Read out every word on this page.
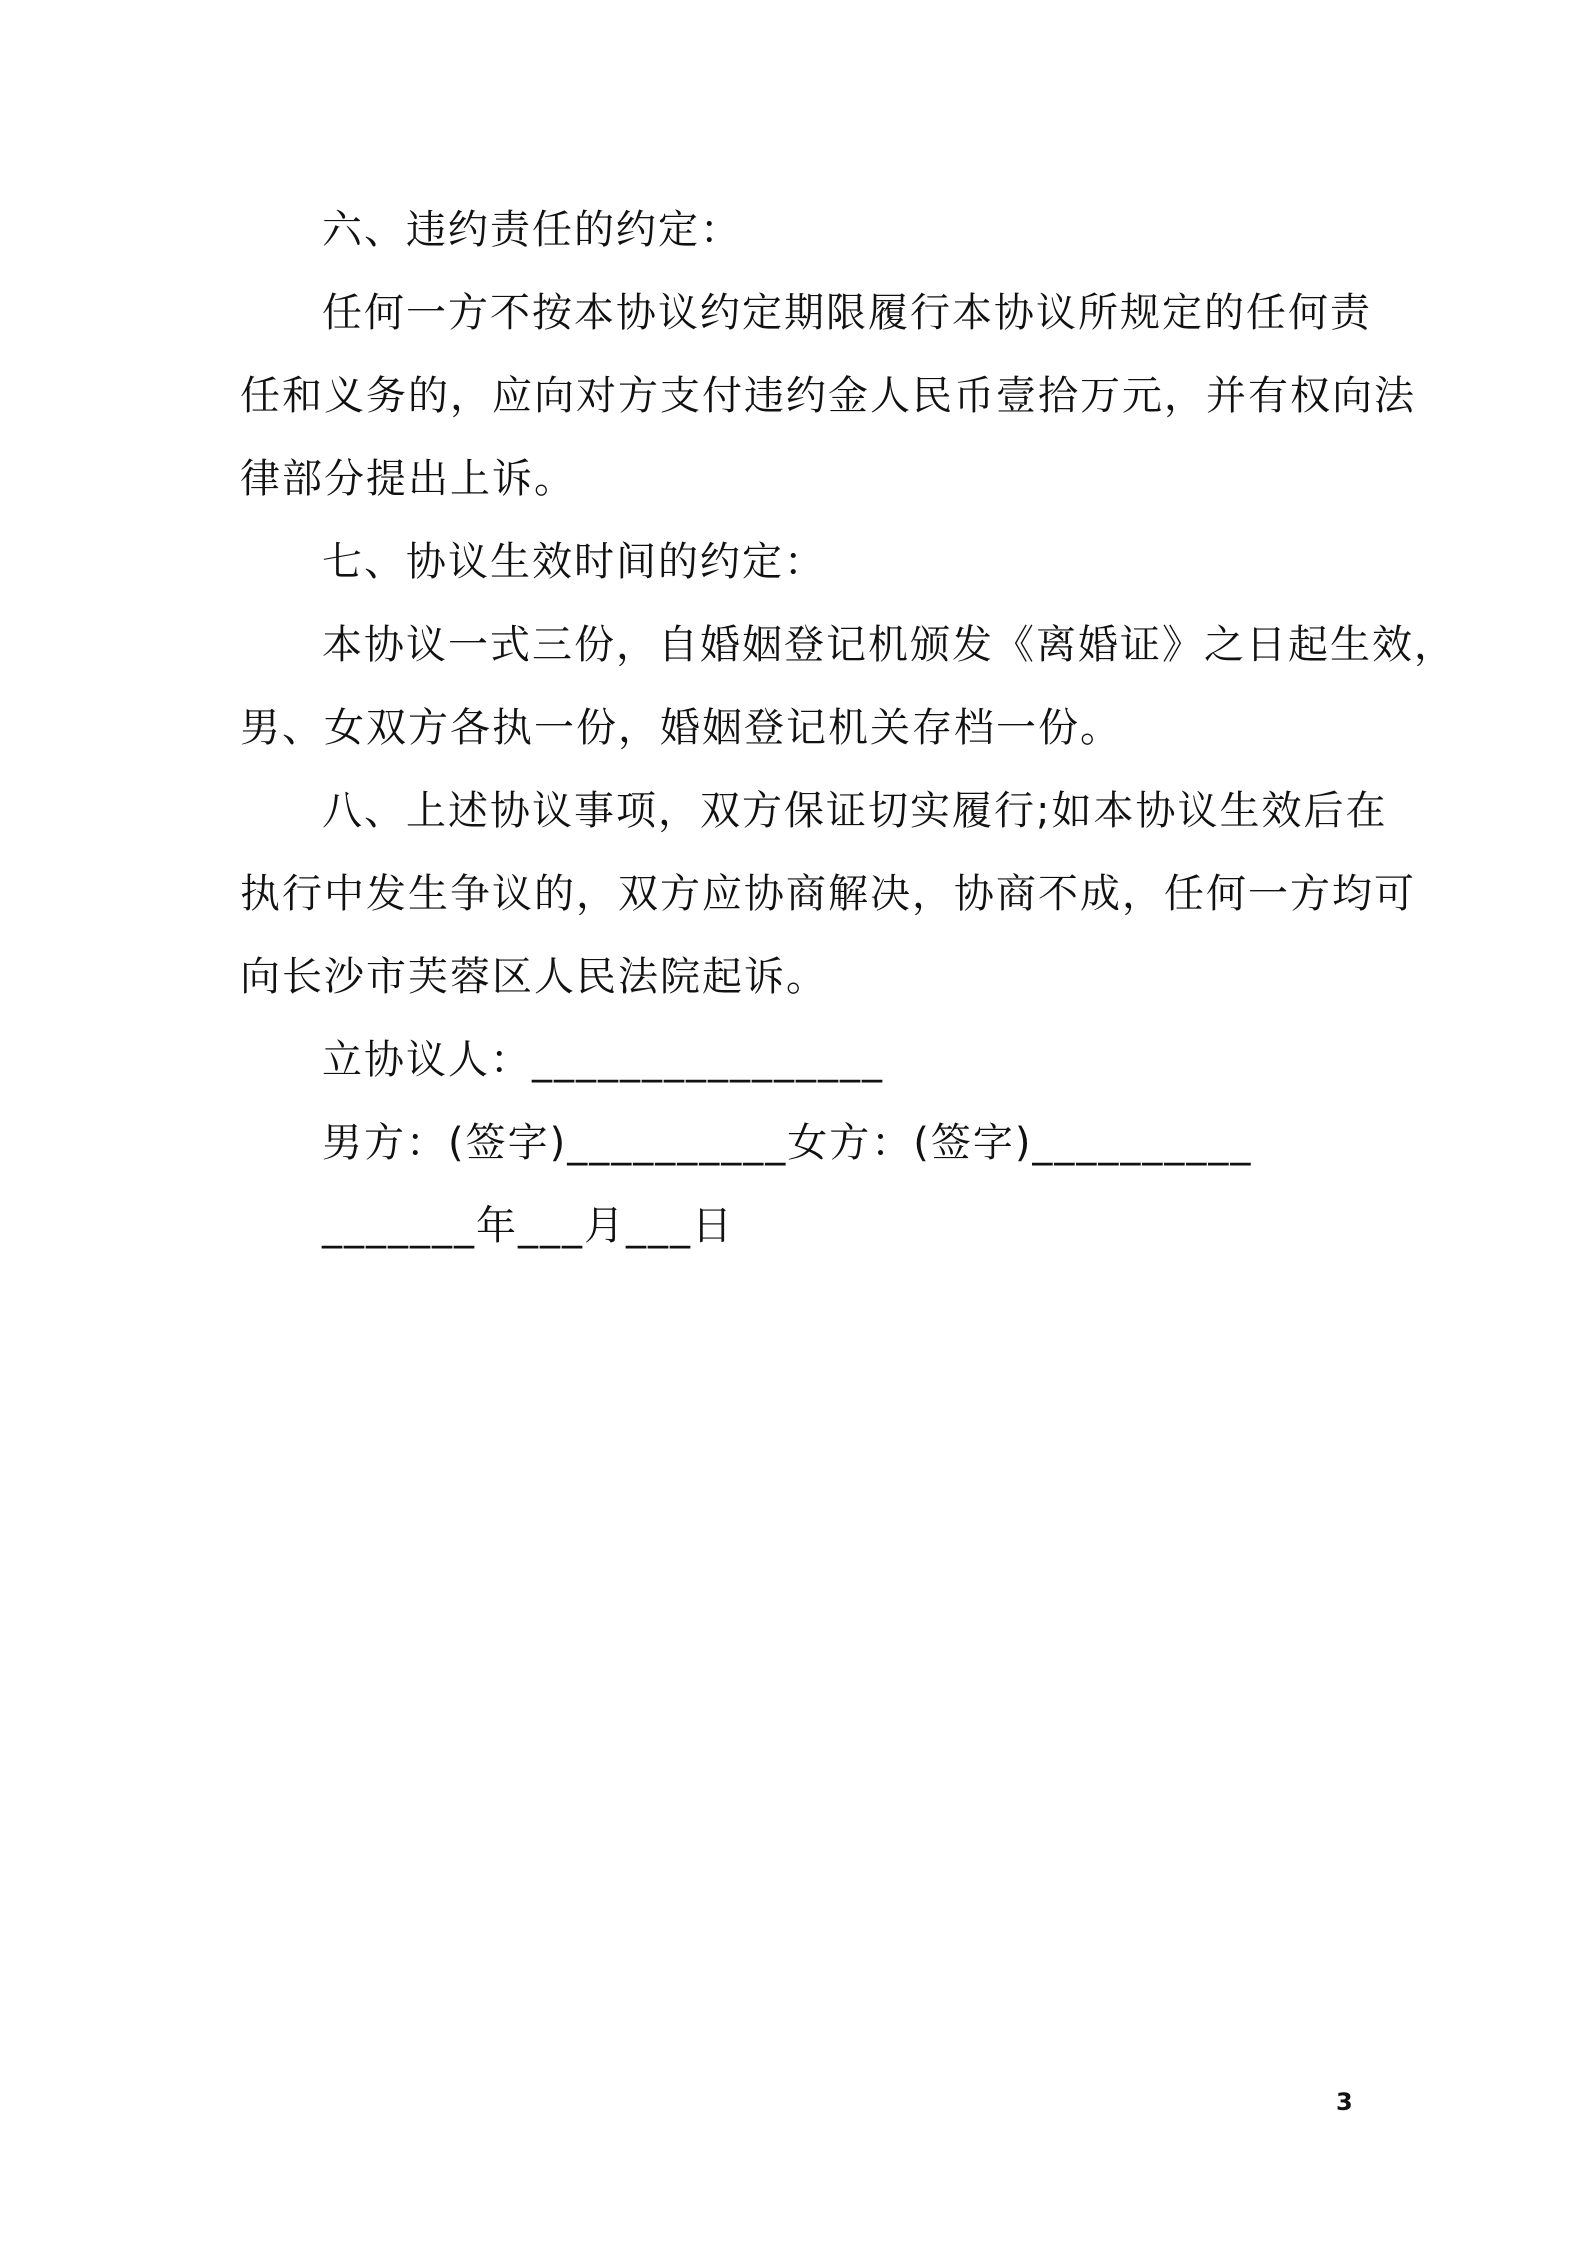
六、违约责任的约定：
任何一方不按本协议约定期限履行本协议所规定的任何责
任和义务的，应向对方支付违约金人民币壹拾万元，并有权向法
律部分提出上诉。
七、协议生效时间的约定：
本协议一式三份，自婚姻登记机颁发《离婚证》之日起生效，
男、女双方各执一份，婚姻登记机关存档一份。
八、上述协议事项，双方保证切实履行;如本协议生效后在
执行中发生争议的，双方应协商解决，协商不成，任何一方均可
向长沙市芙蓉区人民法院起诉。
立协议人：________________
男方：(签字)__________女方：(签字)__________
_______年___月___日
3
